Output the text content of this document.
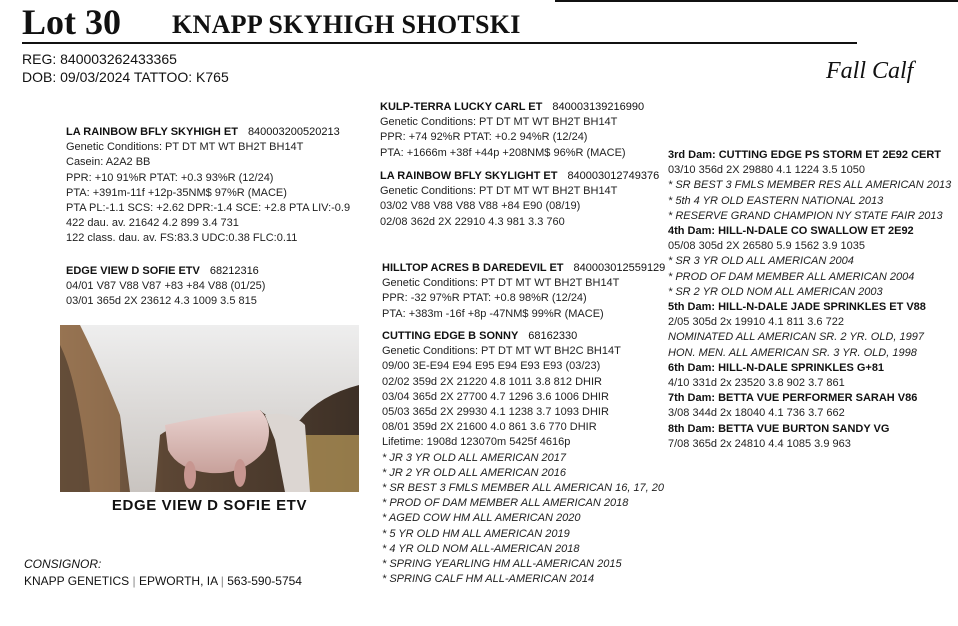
Lot 30 KNAPP SKYHIGH SHOTSKI
REG: 840003262433365
DOB: 09/03/2024 TATTOO: K765	Fall Calf
LA RAINBOW BFLY SKYHIGH ET 840003200520213
Genetic Conditions: PT DT MT WT BH2T BH14T
Casein: A2A2 BB
PPR: +10 91%R PTAT: +0.3 93%R (12/24)
PTA: +391m-11f +12p-35NM$ 97%R (MACE)
PTA PL:-1.1 SCS: +2.62 DPR:-1.4 SCE: +2.8 PTA LIV:-0.9
422 dau. av. 21642 4.2 899 3.4 731
122 class. dau. av. FS:83.3 UDC:0.38 FLC:0.11
EDGE VIEW D SOFIE ETV 68212316
04/01 V87 V88 V87 +83 +84 V88 (01/25)
03/01 365d 2X 23612 4.3 1009 3.5 815
EDGE VIEW D SOFIE ETV
KULP-TERRA LUCKY CARL ET 840003139216990
Genetic Conditions: PT DT MT WT BH2T BH14T
PPR: +74 92%R PTAT: +0.2 94%R (12/24)
PTA: +1666m +38f +44p +208NM$ 96%R (MACE)
LA RAINBOW BFLY SKYLIGHT ET 840003012749376
Genetic Conditions: PT DT MT WT BH2T BH14T
03/02 V88 V88 V88 V88 +84 E90 (08/19)
02/08 362d 2X 22910 4.3 981 3.3 760
HILLTOP ACRES B DAREDEVIL ET 840003012559129
Genetic Conditions: PT DT MT WT BH2T BH14T
PPR: -32 97%R PTAT: +0.8 98%R (12/24)
PTA: +383m -16f +8p -47NM$ 99%R (MACE)
CUTTING EDGE B SONNY 68162330
Genetic Conditions: PT DT MT WT BH2C BH14T
09/00 3E-E94 E94 E95 E94 E93 E93 (03/23)
02/02 359d 2X 21220 4.8 1011 3.8 812 DHIR
03/04 365d 2X 27700 4.7 1296 3.6 1006 DHIR
05/03 365d 2X 29930 4.1 1238 3.7 1093 DHIR
08/01 359d 2X 21600 4.0 861 3.6 770 DHIR
Lifetime: 1908d 123070m 5425f 4616p
* JR 3 YR OLD ALL AMERICAN 2017
* JR 2 YR OLD ALL AMERICAN 2016
* SR BEST 3 FMLS MEMBER ALL AMERICAN 16, 17, 20
* PROD OF DAM MEMBER ALL AMERICAN 2018
* AGED COW HM ALL AMERICAN 2020
* 5 YR OLD HM ALL AMERICAN 2019
* 4 YR OLD NOM ALL-AMERICAN 2018
* SPRING YEARLING HM ALL-AMERICAN 2015
* SPRING CALF HM ALL-AMERICAN 2014
3rd Dam: CUTTING EDGE PS STORM ET 2E92 CERT
03/10 356d 2X 29880 4.1 1224 3.5 1050
* SR BEST 3 FMLS MEMBER RES ALL AMERICAN 2013
* 5th 4 YR OLD EASTERN NATIONAL 2013
* RESERVE GRAND CHAMPION NY STATE FAIR 2013
4th Dam: HILL-N-DALE CO SWALLOW ET 2E92
05/08 305d 2X 26580 5.9 1562 3.9 1035
* SR 3 YR OLD ALL AMERICAN 2004
* PROD OF DAM MEMBER ALL AMERICAN 2004
* SR 2 YR OLD NOM ALL AMERICAN 2003
5th Dam: HILL-N-DALE JADE SPRINKLES ET V88
2/05 305d 2x 19910 4.1 811 3.6 722
NOMINATED ALL AMERICAN SR. 2 YR. OLD, 1997
HON. MEN. ALL AMERICAN SR. 3 YR. OLD, 1998
6th Dam: HILL-N-DALE SPRINKLES G+81
4/10 331d 2x 23520 3.8 902 3.7 861
7th Dam: BETTA VUE PERFORMER SARAH V86
3/08 344d 2x 18040 4.1 736 3.7 662
8th Dam: BETTA VUE BURTON SANDY VG
7/08 365d 2x 24810 4.4 1085 3.9 963
CONSIGNOR:
KNAPP GENETICS | EPWORTH, IA | 563-590-5754
